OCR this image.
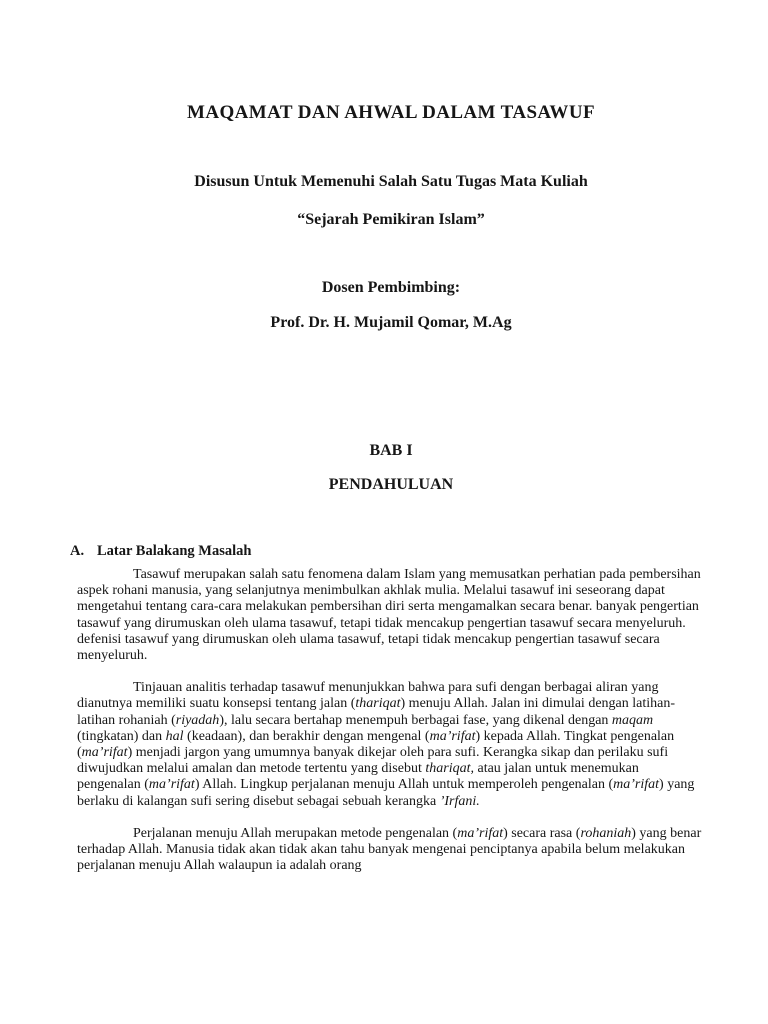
MAQAMAT DAN AHWAL DALAM TASAWUF

Disusun Untuk Memenuhi Salah Satu Tugas Mata Kuliah

“Sejarah Pemikiran Islam”

Dosen Pembimbing:

Prof. Dr. H. Mujamil Qomar, M.Ag

BAB I
PENDAHULUAN
A. Latar Balakang Masalah

Tasawuf merupakan salah satu fenomena dalam Islam yang memusatkan perhatian pada pembersihan aspek rohani manusia, yang selanjutnya menimbulkan akhlak mulia. Melalui tasawuf ini seseorang dapat mengetahui tentang cara-cara melakukan pembersihan diri serta mengamalkan secara benar. banyak pengertian tasawuf yang dirumuskan oleh ulama tasawuf, tetapi tidak mencakup pengertian tasawuf secara menyeluruh. defenisi tasawuf yang dirumuskan oleh ulama tasawuf, tetapi tidak mencakup pengertian tasawuf secara menyeluruh.

Tinjauan analitis terhadap tasawuf menunjukkan bahwa para sufi dengan berbagai aliran yang dianutnya memiliki suatu konsepsi tentang jalan (thariqat) menuju Allah. Jalan ini dimulai dengan latihan-latihan rohaniah (riyadah), lalu secara bertahap menempuh berbagai fase, yang dikenal dengan maqam (tingkatan) dan hal (keadaan), dan berakhir dengan mengenal (ma’rifat) kepada Allah. Tingkat pengenalan (ma’rifat) menjadi jargon yang umumnya banyak dikejar oleh para sufi. Kerangka sikap dan perilaku sufi diwujudkan melalui amalan dan metode tertentu yang disebut thariqat, atau jalan untuk menemukan pengenalan (ma’rifat) Allah. Lingkup perjalanan menuju Allah untuk memperoleh pengenalan (ma’rifat) yang berlaku di kalangan sufi sering disebut sebagai sebuah kerangka ’Irfani.

Perjalanan menuju Allah merupakan metode pengenalan (ma’rifat) secara rasa (rohaniah) yang benar terhadap Allah. Manusia tidak akan tidak akan tahu banyak mengenai penciptanya apabila belum melakukan perjalanan menuju Allah walaupun ia adalah orang
